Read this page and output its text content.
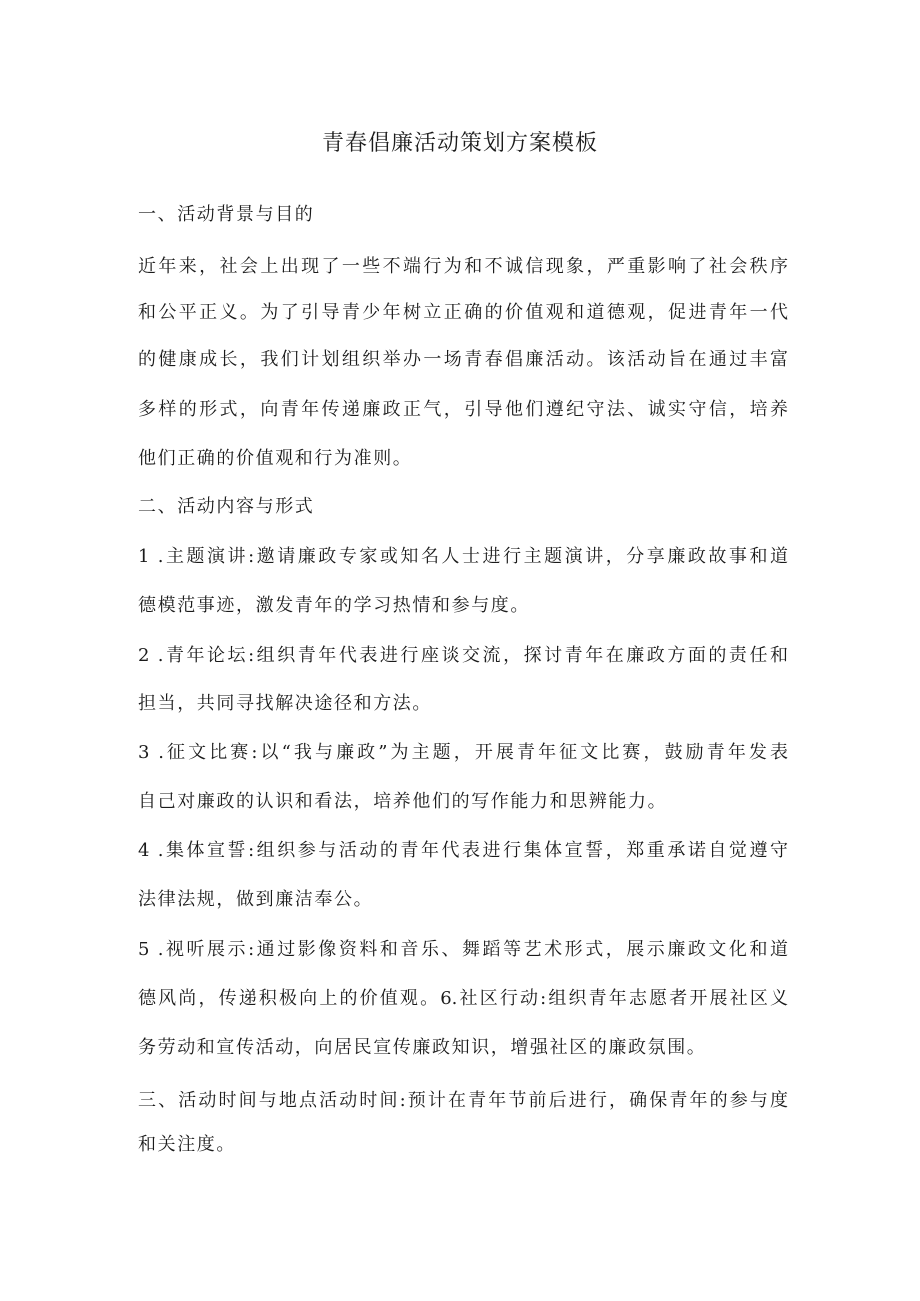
青春倡廉活动策划方案模板
一、活动背景与目的
近年来，社会上出现了一些不端行为和不诚信现象，严重影响了社会秩序
和公平正义。为了引导青少年树立正确的价值观和道德观，促进青年一代
的健康成长，我们计划组织举办一场青春倡廉活动。该活动旨在通过丰富
多样的形式，向青年传递廉政正气，引导他们遵纪守法、诚实守信，培养
他们正确的价值观和行为准则。
二、活动内容与形式
1 .主题演讲:邀请廉政专家或知名人士进行主题演讲，分享廉政故事和道
德模范事迹，激发青年的学习热情和参与度。
2 .青年论坛:组织青年代表进行座谈交流，探讨青年在廉政方面的责任和
担当，共同寻找解决途径和方法。
3 .征文比赛:以“我与廉政”为主题，开展青年征文比赛，鼓励青年发表
自己对廉政的认识和看法，培养他们的写作能力和思辨能力。
4 .集体宣誓:组织参与活动的青年代表进行集体宣誓，郑重承诺自觉遵守
法律法规，做到廉洁奉公。
5 .视听展示:通过影像资料和音乐、舞蹈等艺术形式，展示廉政文化和道
德风尚，传递积极向上的价值观。6.社区行动:组织青年志愿者开展社区义
务劳动和宣传活动，向居民宣传廉政知识，增强社区的廉政氛围。
三、活动时间与地点活动时间:预计在青年节前后进行，确保青年的参与度
和关注度。
